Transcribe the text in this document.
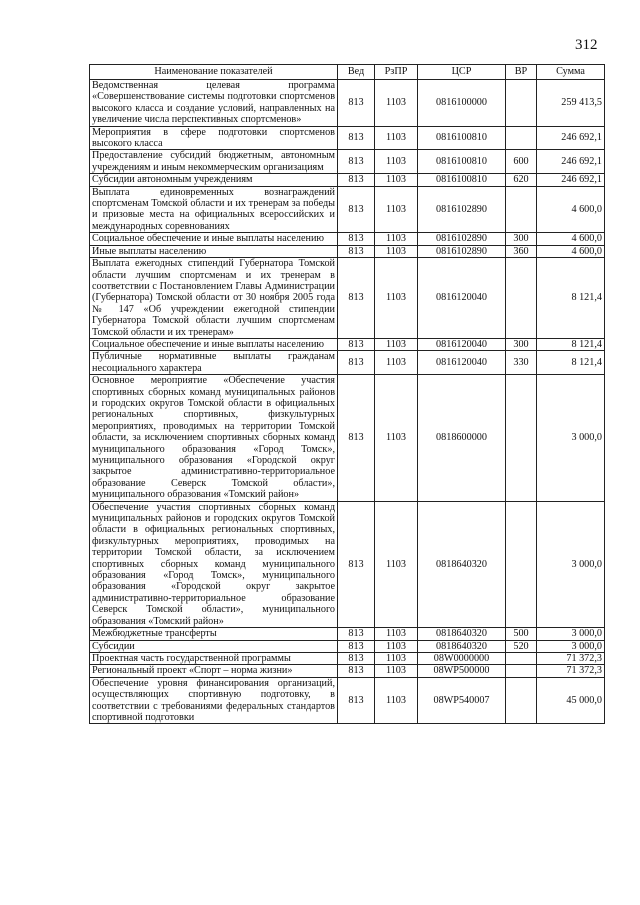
312
Наименование показателей	Вед	РзПР	ЦСР	ВР	Сумма
Ведомственная целевая программа «Совершенствование системы подготовки спортсменов высокого класса и создание условий, направленных на увеличение числа перспективных спортсменов»	813	1103	0816100000		259 413,5
Мероприятия в сфере подготовки спортсменов высокого класса	813	1103	0816100810		246 692,1
Предоставление субсидий бюджетным, автономным учреждениям и иным некоммерческим организациям	813	1103	0816100810	600	246 692,1
Субсидии автономным учреждениям	813	1103	0816100810	620	246 692,1
Выплата единовременных вознаграждений спортсменам Томской области и их тренерам за победы и призовые места на официальных всероссийских и международных соревнованиях	813	1103	0816102890		4 600,0
Социальное обеспечение и иные выплаты населению	813	1103	0816102890	300	4 600,0
Иные выплаты населению	813	1103	0816102890	360	4 600,0
Выплата ежегодных стипендий Губернатора Томской области лучшим спортсменам и их тренерам в соответствии с Постановлением Главы Администрации (Губернатора) Томской области от 30 ноября 2005 года № 147 «Об учреждении ежегодной стипендии Губернатора Томской области лучшим спортсменам Томской области и их тренерам»	813	1103	0816120040		8 121,4
Социальное обеспечение и иные выплаты населению	813	1103	0816120040	300	8 121,4
Публичные нормативные выплаты гражданам несоциального характера	813	1103	0816120040	330	8 121,4
Основное мероприятие «Обеспечение участия спортивных сборных команд муниципальных районов и городских округов Томской области в официальных региональных спортивных, физкультурных мероприятиях, проводимых на территории Томской области, за исключением спортивных сборных команд муниципального образования «Город Томск», муниципального образования «Городской округ закрытое административно-территориальное образование Северск Томской области», муниципального образования «Томский район»	813	1103	0818600000		3 000,0
Обеспечение участия спортивных сборных команд муниципальных районов и городских округов Томской области в официальных региональных спортивных, физкультурных мероприятиях, проводимых на территории Томской области, за исключением спортивных сборных команд муниципального образования «Город Томск», муниципального образования «Городской округ закрытое административно-территориальное образование Северск Томской области», муниципального образования «Томский район»	813	1103	0818640320		3 000,0
Межбюджетные трансферты	813	1103	0818640320	500	3 000,0
Субсидии	813	1103	0818640320	520	3 000,0
Проектная часть государственной программы	813	1103	08W0000000		71 372,3
Региональный проект «Спорт – норма жизни»	813	1103	08WP500000		71 372,3
Обеспечение уровня финансирования организаций, осуществляющих спортивную подготовку, в соответствии с требованиями федеральных стандартов спортивной подготовки	813	1103	08WP540007		45 000,0
